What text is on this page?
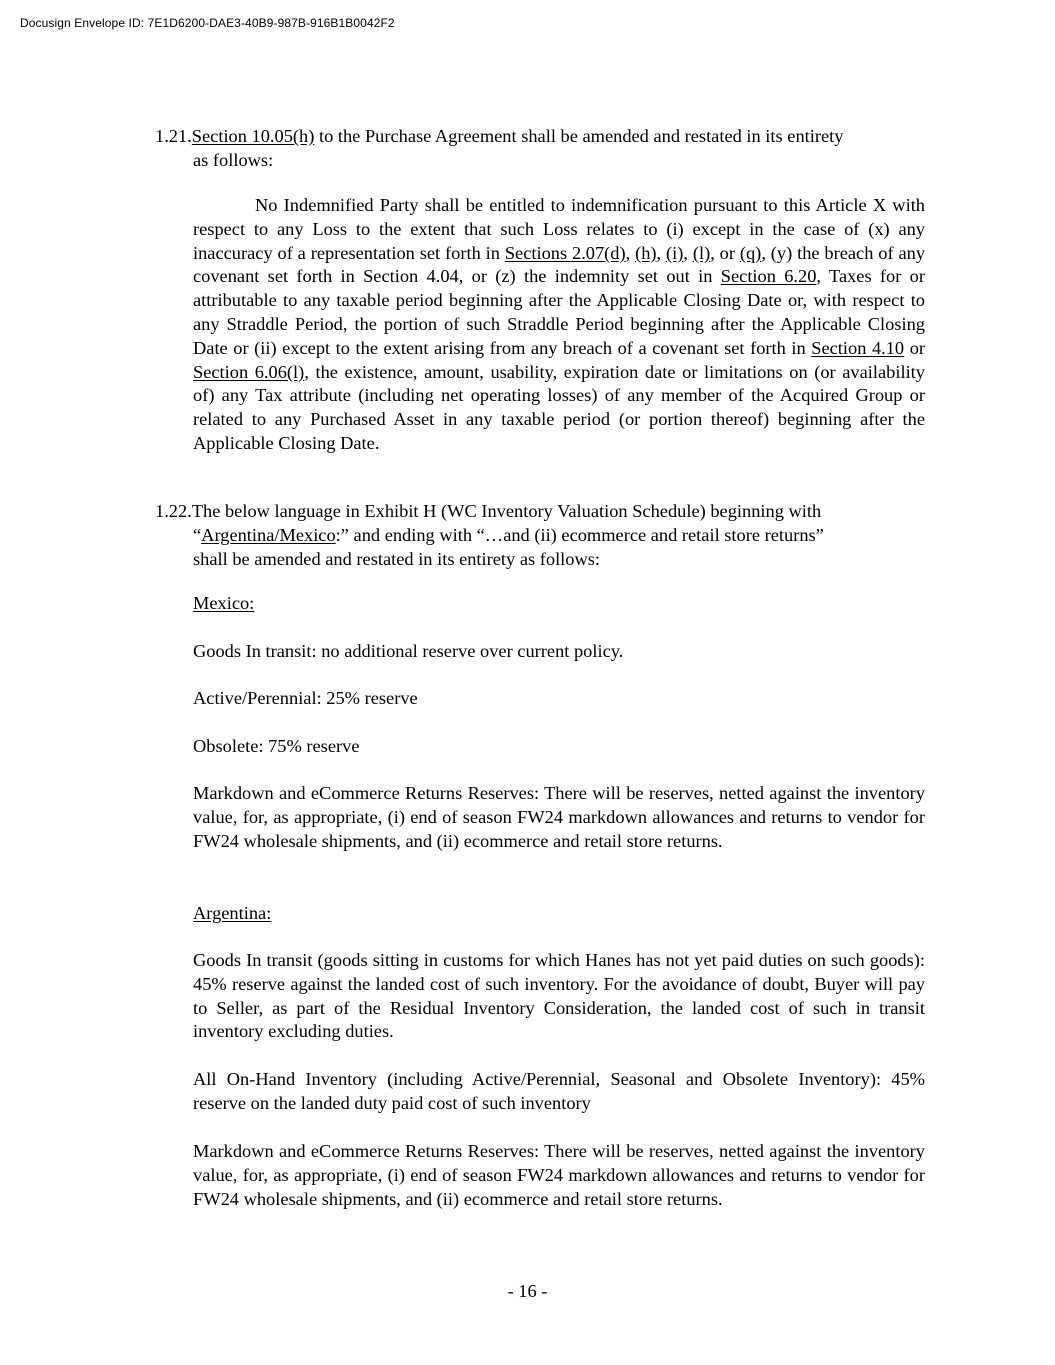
Docusign Envelope ID: 7E1D6200-DAE3-40B9-987B-916B1B0042F2
1.21.Section 10.05(h) to the Purchase Agreement shall be amended and restated in its entirety
as follows:
No Indemnified Party shall be entitled to indemnification pursuant to this Article X with respect to any Loss to the extent that such Loss relates to (i) except in the case of (x) any inaccuracy of a representation set forth in Sections 2.07(d), (h), (i), (l), or (q), (y) the breach of any covenant set forth in Section 4.04, or (z) the indemnity set out in Section 6.20, Taxes for or attributable to any taxable period beginning after the Applicable Closing Date or, with respect to any Straddle Period, the portion of such Straddle Period beginning after the Applicable Closing Date or (ii) except to the extent arising from any breach of a covenant set forth in Section 4.10 or Section 6.06(l), the existence, amount, usability, expiration date or limitations on (or availability of) any Tax attribute (including net operating losses) of any member of the Acquired Group or related to any Purchased Asset in any taxable period (or portion thereof) beginning after the Applicable Closing Date.
1.22.The below language in Exhibit H (WC Inventory Valuation Schedule) beginning with
“Argentina/Mexico:” and ending with “…and (ii) ecommerce and retail store returns”
shall be amended and restated in its entirety as follows:
Mexico:
Goods In transit: no additional reserve over current policy.
Active/Perennial: 25% reserve
Obsolete: 75% reserve
Markdown and eCommerce Returns Reserves: There will be reserves, netted against the inventory value, for, as appropriate, (i) end of season FW24 markdown allowances and returns to vendor for FW24 wholesale shipments, and (ii) ecommerce and retail store returns.
Argentina:
Goods In transit (goods sitting in customs for which Hanes has not yet paid duties on such goods): 45% reserve against the landed cost of such inventory. For the avoidance of doubt, Buyer will pay to Seller, as part of the Residual Inventory Consideration, the landed cost of such in transit inventory excluding duties.
All On-Hand Inventory (including Active/Perennial, Seasonal and Obsolete Inventory): 45% reserve on the landed duty paid cost of such inventory
Markdown and eCommerce Returns Reserves: There will be reserves, netted against the inventory value, for, as appropriate, (i) end of season FW24 markdown allowances and returns to vendor for FW24 wholesale shipments, and (ii) ecommerce and retail store returns.
- 16 -
